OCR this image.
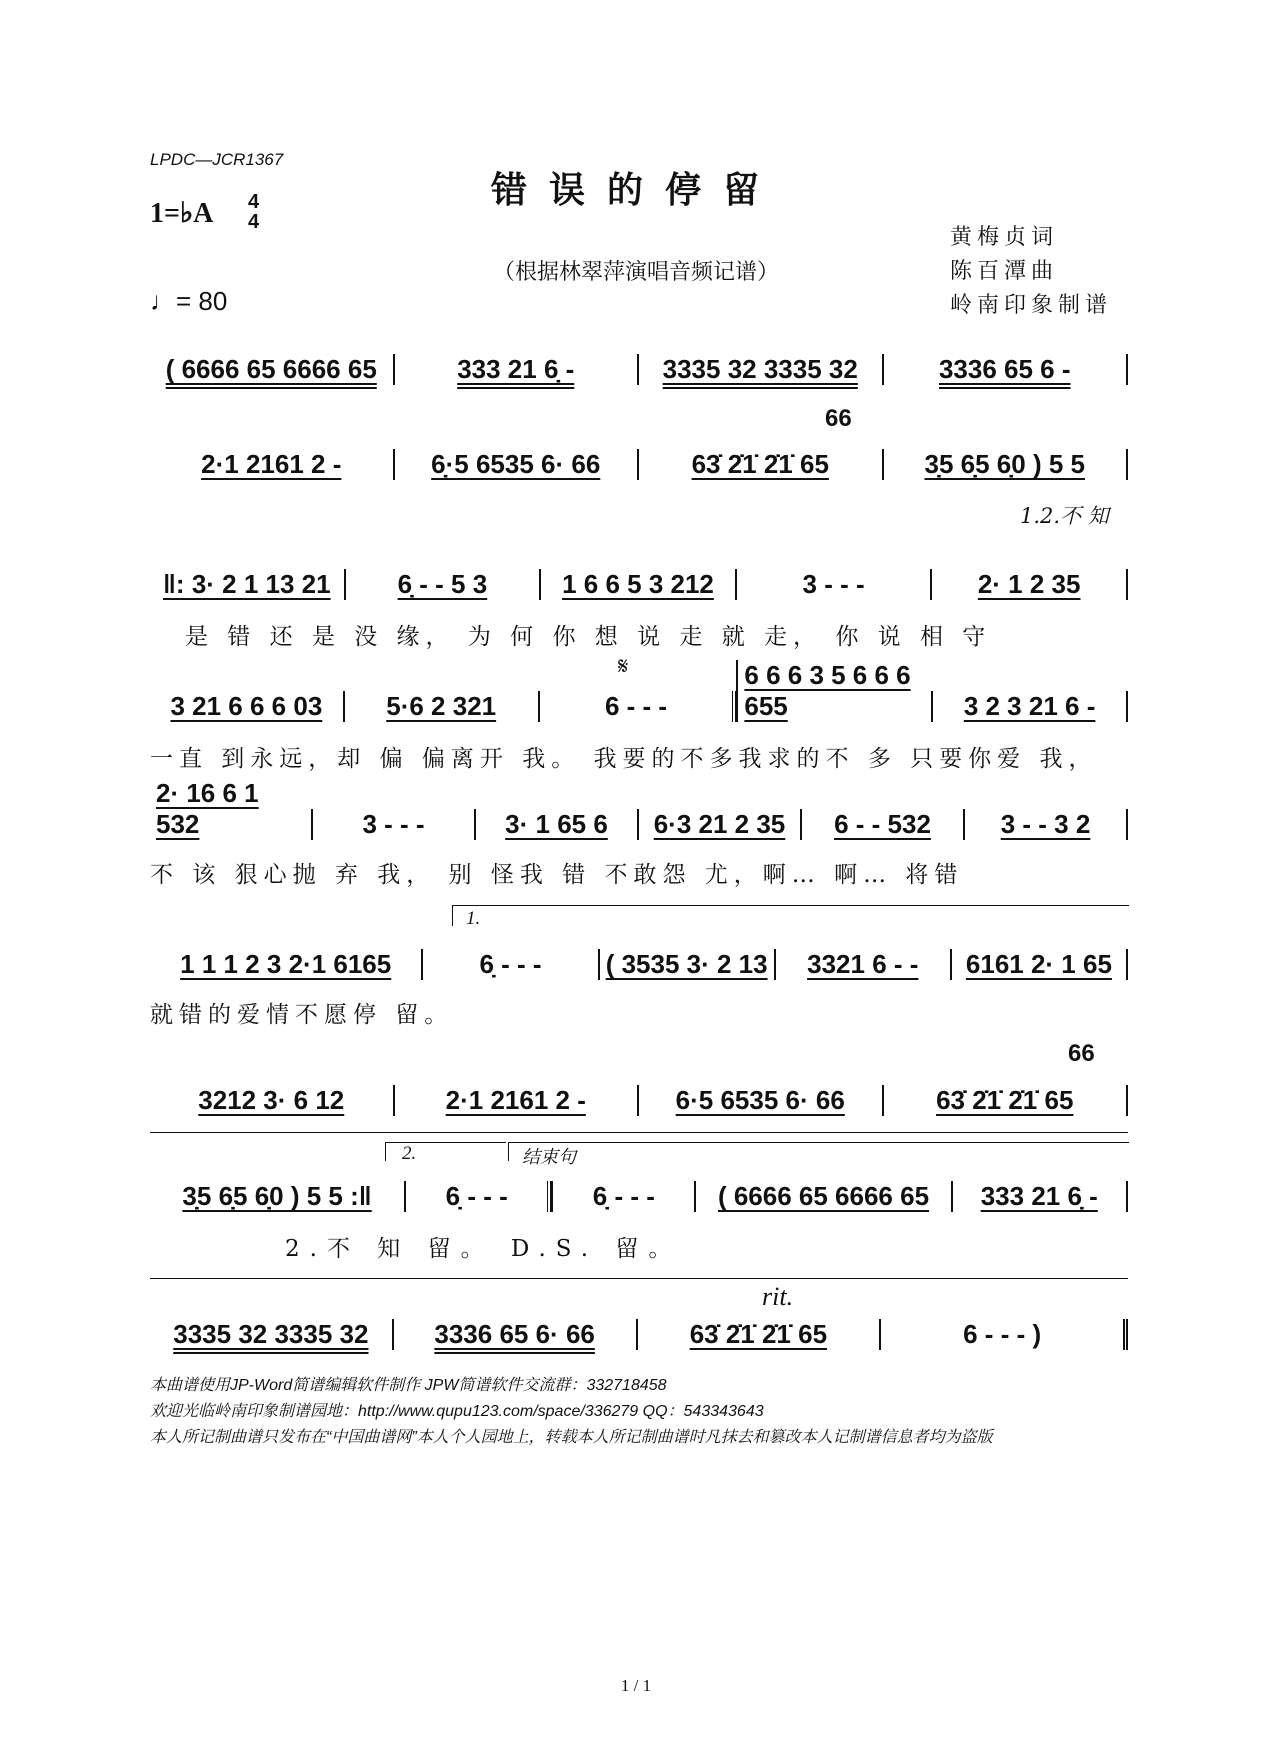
LPDC—JCR1367
错误的停留
（根据林翠萍演唱音频记谱）
1=♭A 4
4
♩= 80
黄梅贞词
陈百潭曲
岭南印象制谱
( 6666 65 6666 65	333 21 6̣ -	3335 32 3335 32	3336 65 6 -
66
2·1 2161 2 -	6̣·5 6535 6· 66	63̇ 2̇1̇ 2̇1̇ 65	3̣5 6̣5 6̣0 ) 5 5
1.2.不 知
‖: 3· 2 1 13 21	6̣ - - 5 3	1 6 6 5 3 212	3 - - -	2· 1 2 35
是 错 还 是 没 缘， 为 何 你 想 说 走 就 走， 你 说 相 守
𝄋
3 21 6 6 6 03	5·6 2 321	6 - - -
6 6 6 3 5 6 6 6 655	3 2 3 21 6 -
一直 到永远，却 偏 偏离开 我。 我要的不多我求的不 多 只要你爱 我，
2· 16 6 1 532	3 - - -	3· 1 65 6	6·3 21 2 35	6 - - 532	3 - - 3 2
不 该 狠心抛 弃 我， 别 怪我 错 不敢怨 尤，啊… 啊… 将错
1.
1 1 1 2 3 2·1 6165	6̣ - - -	( 3535 3· 2 13	3321 6 - -	6161 2· 1 65
就错的爱情不愿停 留。
66
3212 3· 6 12	2·1 2161 2 -	6·5 6535 6· 66	63̇ 2̇1̇ 2̇1̇ 65
2.	结束句
3̣5 6̣5 6̣0 ) 5 5 :‖	6̣ - - -	6̣ - - -	( 6666 65 6666 65	333 21 6̣ -
2.不 知 留。 D.S. 留。
rit.
3335 32 3335 32	3336 65 6· 66	63̇ 2̇1̇ 2̇1̇ 65	6 - - - )
本曲谱使用JP-Word简谱编辑软件制作 JPW简谱软件交流群：332718458
欢迎光临岭南印象制谱园地：http://www.qupu123.com/space/336279 QQ：543343643
本人所记制曲谱只发布在“中国曲谱网”本人个人园地上，转载本人所记制曲谱时凡抹去和篡改本人记制谱信息者均为盗版
1 / 1
